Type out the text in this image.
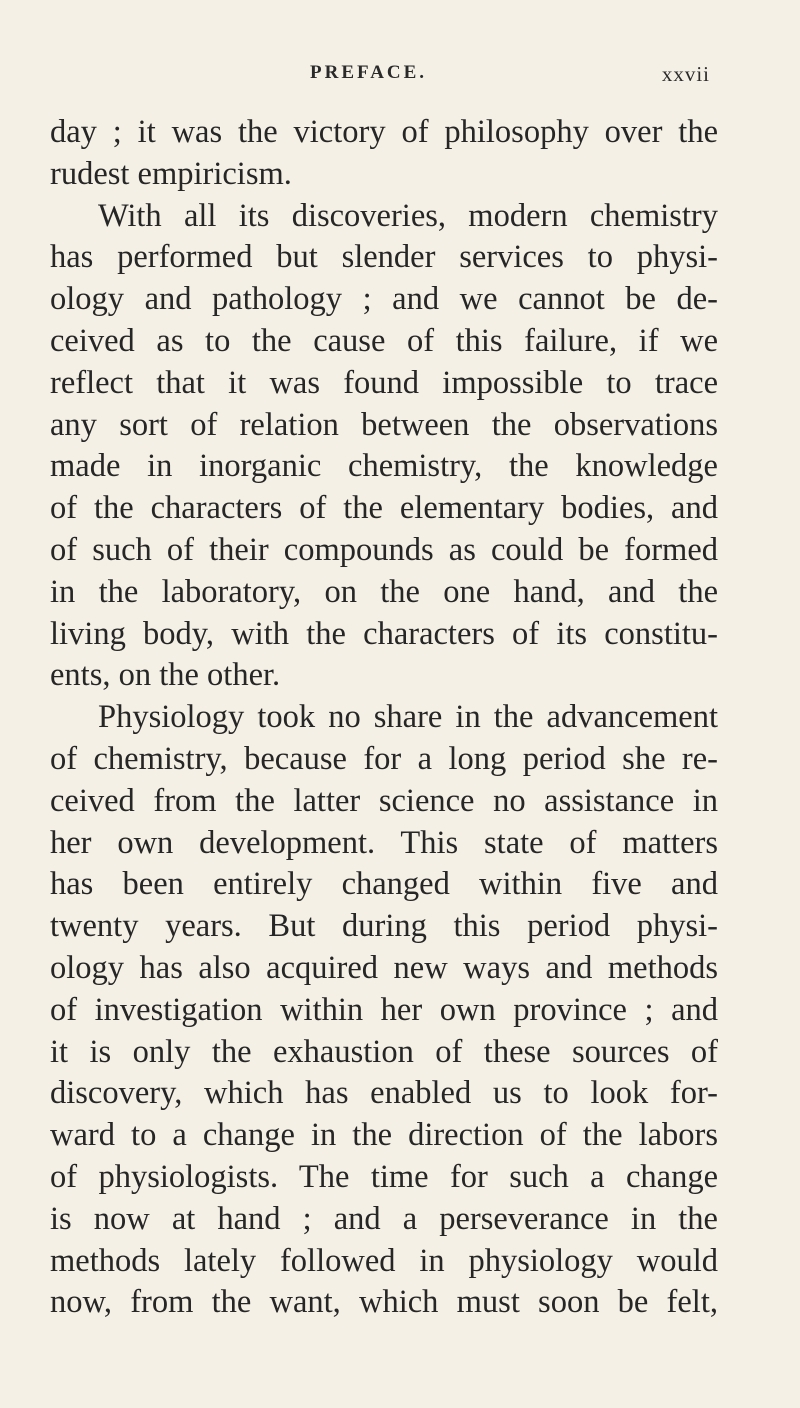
PREFACE.	xxvii
day ; it was the victory of philosophy over the
rudest empiricism.
With all its discoveries, modern chemistry
has performed but slender services to physi-
ology and pathology ; and we cannot be de-
ceived as to the cause of this failure, if we
reflect that it was found impossible to trace
any sort of relation between the observations
made in inorganic chemistry, the knowledge
of the characters of the elementary bodies, and
of such of their compounds as could be formed
in the laboratory, on the one hand, and the
living body, with the characters of its constitu-
ents, on the other.
Physiology took no share in the advancement
of chemistry, because for a long period she re-
ceived from the latter science no assistance in
her own development. This state of matters
has been entirely changed within five and
twenty years. But during this period physi-
ology has also acquired new ways and methods
of investigation within her own province ; and
it is only the exhaustion of these sources of
discovery, which has enabled us to look for-
ward to a change in the direction of the labors
of physiologists. The time for such a change
is now at hand ; and a perseverance in the
methods lately followed in physiology would
now, from the want, which must soon be felt,
